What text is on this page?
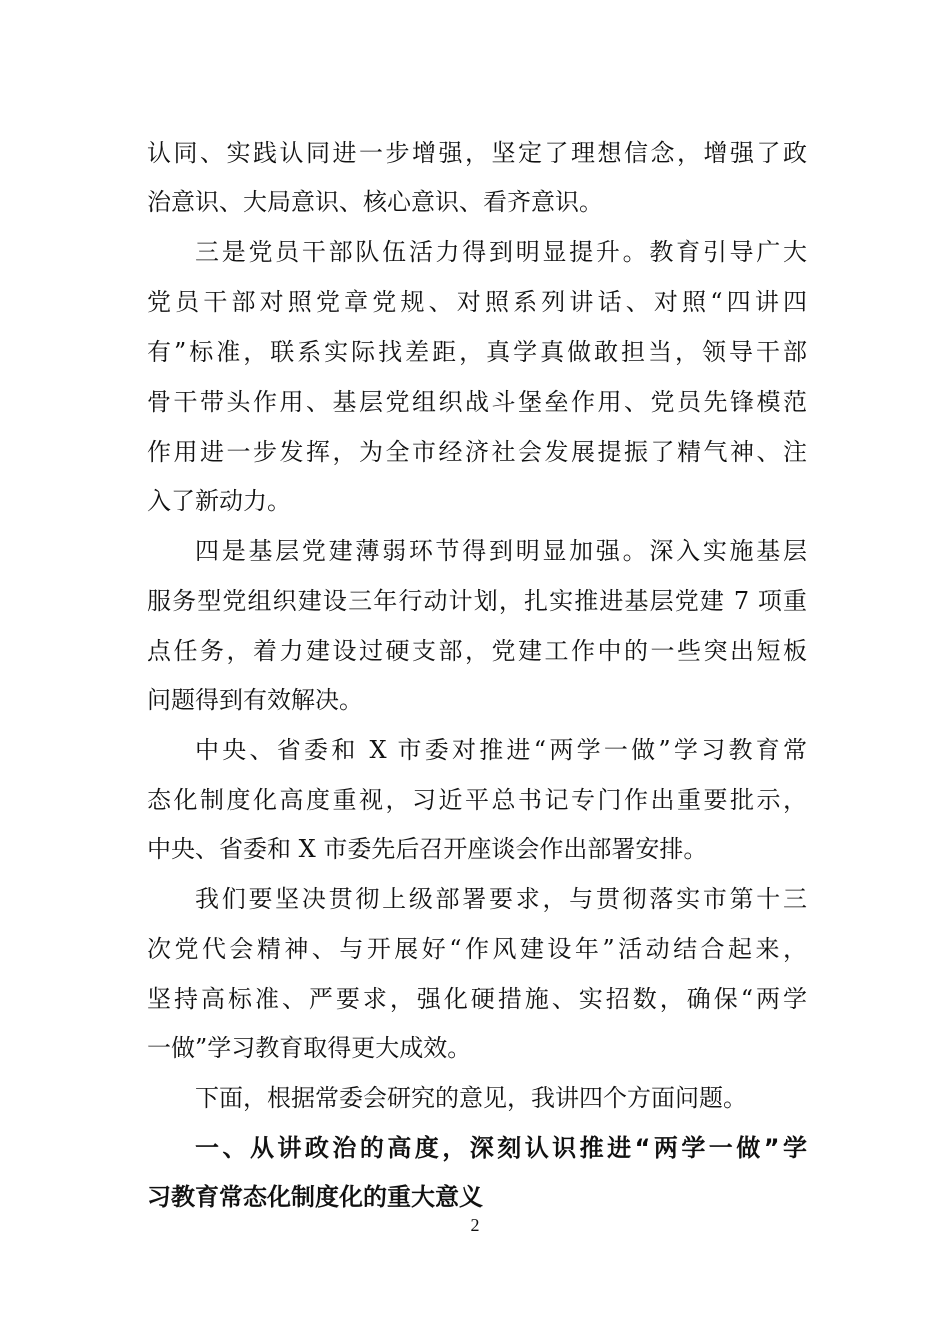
认同、实践认同进一步增强，坚定了理想信念，增强了政
治意识、大局意识、核心意识、看齐意识。
三是党员干部队伍活力得到明显提升。教育引导广大
党员干部对照党章党规、对照系列讲话、对照“四讲四
有”标准，联系实际找差距，真学真做敢担当，领导干部
骨干带头作用、基层党组织战斗堡垒作用、党员先锋模范
作用进一步发挥，为全市经济社会发展提振了精气神、注
入了新动力。
四是基层党建薄弱环节得到明显加强。深入实施基层
服务型党组织建设三年行动计划，扎实推进基层党建 7 项重
点任务，着力建设过硬支部，党建工作中的一些突出短板
问题得到有效解决。
中央、省委和 X 市委对推进“两学一做”学习教育常
态化制度化高度重视，习近平总书记专门作出重要批示，
中央、省委和 X 市委先后召开座谈会作出部署安排。
我们要坚决贯彻上级部署要求，与贯彻落实市第十三
次党代会精神、与开展好“作风建设年”活动结合起来，
坚持高标准、严要求，强化硬措施、实招数，确保“两学
一做”学习教育取得更大成效。
下面，根据常委会研究的意见，我讲四个方面问题。
一、从讲政治的高度，深刻认识推进“两学一做”学
习教育常态化制度化的重大意义
2
